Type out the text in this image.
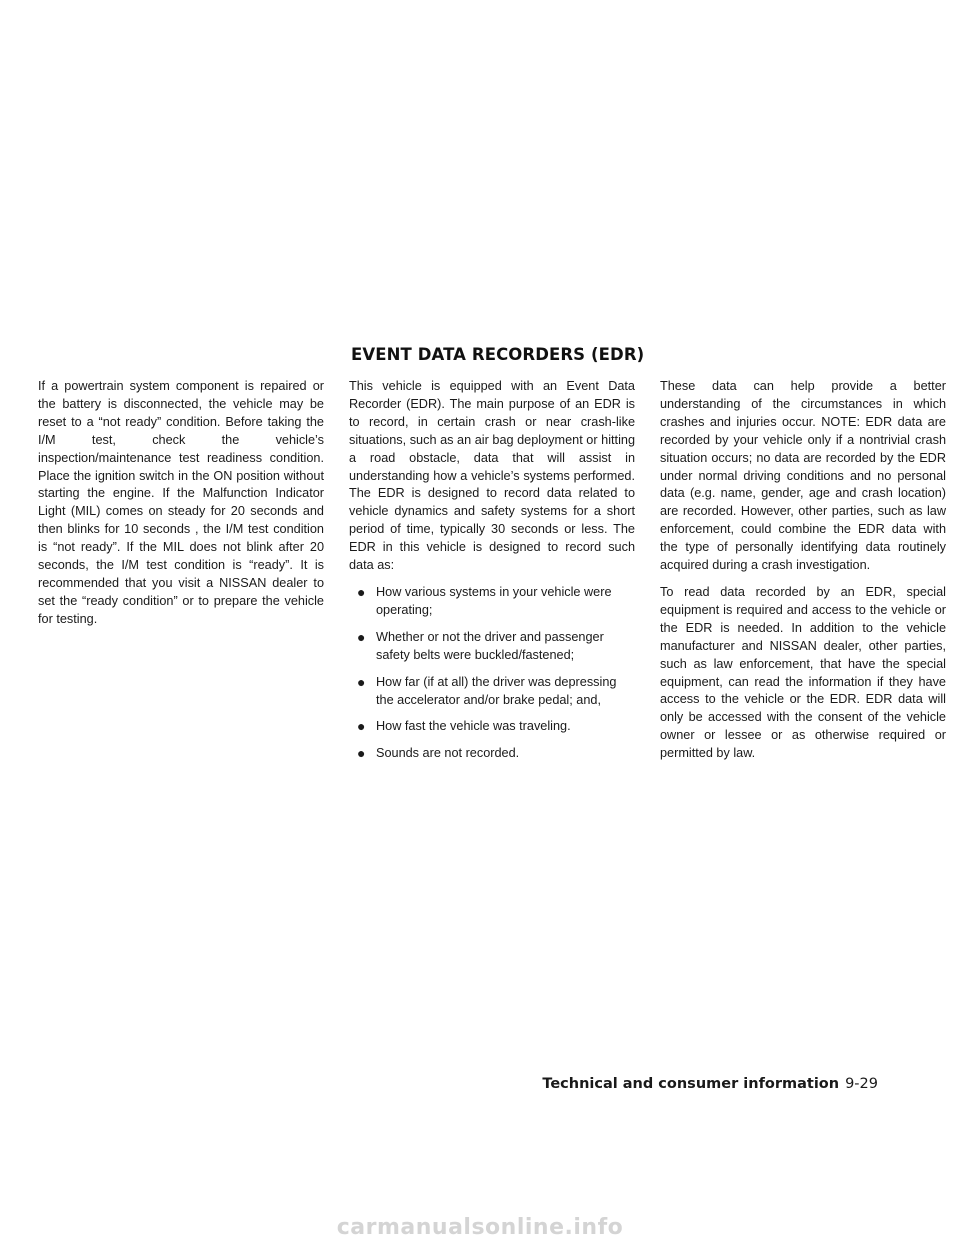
EVENT DATA RECORDERS (EDR)

If a powertrain system component is repaired or the battery is disconnected, the vehicle may be reset to a “not ready” condition. Before taking the I/M test, check the vehicle’s inspection/maintenance test readiness condition. Place the ignition switch in the ON position without starting the engine. If the Malfunction Indicator Light (MIL) comes on steady for 20 seconds and then blinks for 10 seconds , the I/M test condition is “not ready”. If the MIL does not blink after 20 seconds, the I/M test condition is “ready”. It is recommended that you visit a NISSAN dealer to set the “ready condition” or to prepare the vehicle for testing.

This vehicle is equipped with an Event Data Recorder (EDR). The main purpose of an EDR is to record, in certain crash or near crash-like situations, such as an air bag deployment or hitting a road obstacle, data that will assist in understanding how a vehicle’s systems performed. The EDR is designed to record data related to vehicle dynamics and safety systems for a short period of time, typically 30 seconds or less. The EDR in this vehicle is designed to record such data as:

● How various systems in your vehicle were operating;
● Whether or not the driver and passenger safety belts were buckled/fastened;
● How far (if at all) the driver was depressing the accelerator and/or brake pedal; and,
● How fast the vehicle was traveling.
● Sounds are not recorded.

These data can help provide a better understanding of the circumstances in which crashes and injuries occur. NOTE: EDR data are recorded by your vehicle only if a nontrivial crash situation occurs; no data are recorded by the EDR under normal driving conditions and no personal data (e.g. name, gender, age and crash location) are recorded. However, other parties, such as law enforcement, could combine the EDR data with the type of personally identifying data routinely acquired during a crash investigation.

To read data recorded by an EDR, special equipment is required and access to the vehicle or the EDR is needed. In addition to the vehicle manufacturer and NISSAN dealer, other parties, such as law enforcement, that have the special equipment, can read the information if they have access to the vehicle or the EDR. EDR data will only be accessed with the consent of the vehicle owner or lessee or as otherwise required or permitted by law.

Technical and consumer information 9-29
carmanualsonline.info
